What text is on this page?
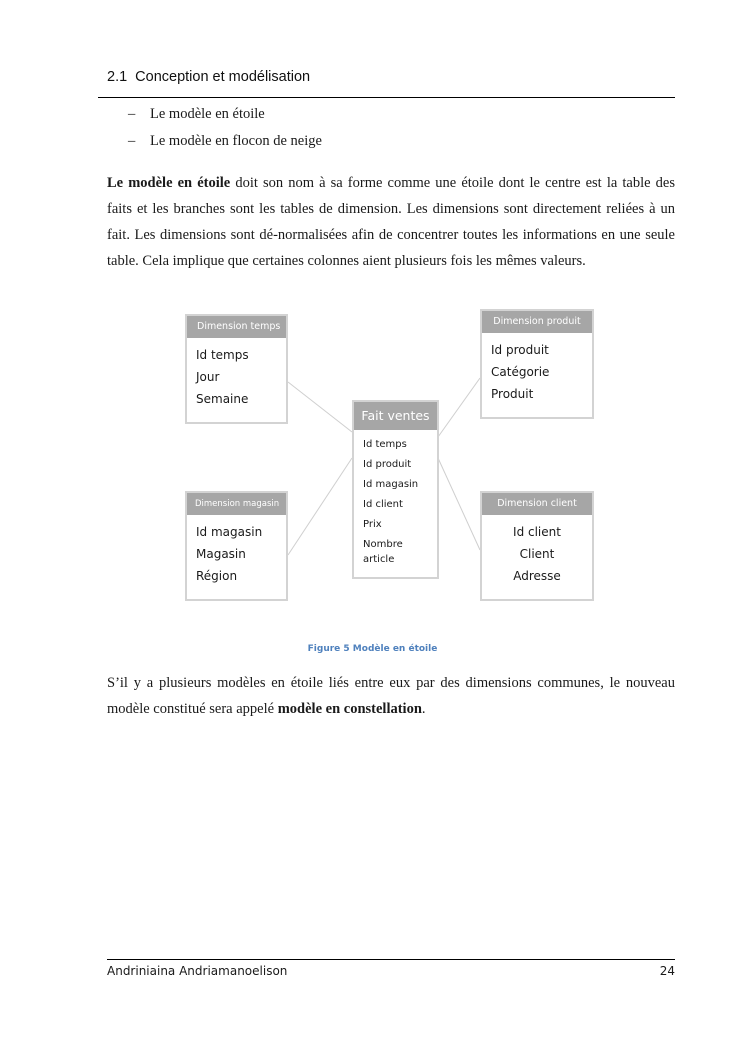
2.1 Conception et modélisation
– Le modèle en étoile
– Le modèle en flocon de neige

Le modèle en étoile doit son nom à sa forme comme une étoile dont le centre est la table des faits et les branches sont les tables de dimension. Les dimensions sont directement reliées à un fait. Les dimensions sont dé-normalisées afin de concentrer toutes les informations en une seule table. Cela implique que certaines colonnes aient plusieurs fois les mêmes valeurs.

Dimension temps
Id temps
Jour
Semaine
Dimension produit
Id produit
Catégorie
Produit
Fait ventes
Id temps
Id produit
Id magasin
Id client
Prix
Nombre article
Dimension magasin
Id magasin
Magasin
Région
Dimension client
Id client
Client
Adresse
Figure 5 Modèle en étoile

S’il y a plusieurs modèles en étoile liés entre eux par des dimensions communes, le nouveau modèle constitué sera appelé modèle en constellation.

Andriniaina Andriamanoelison	24
